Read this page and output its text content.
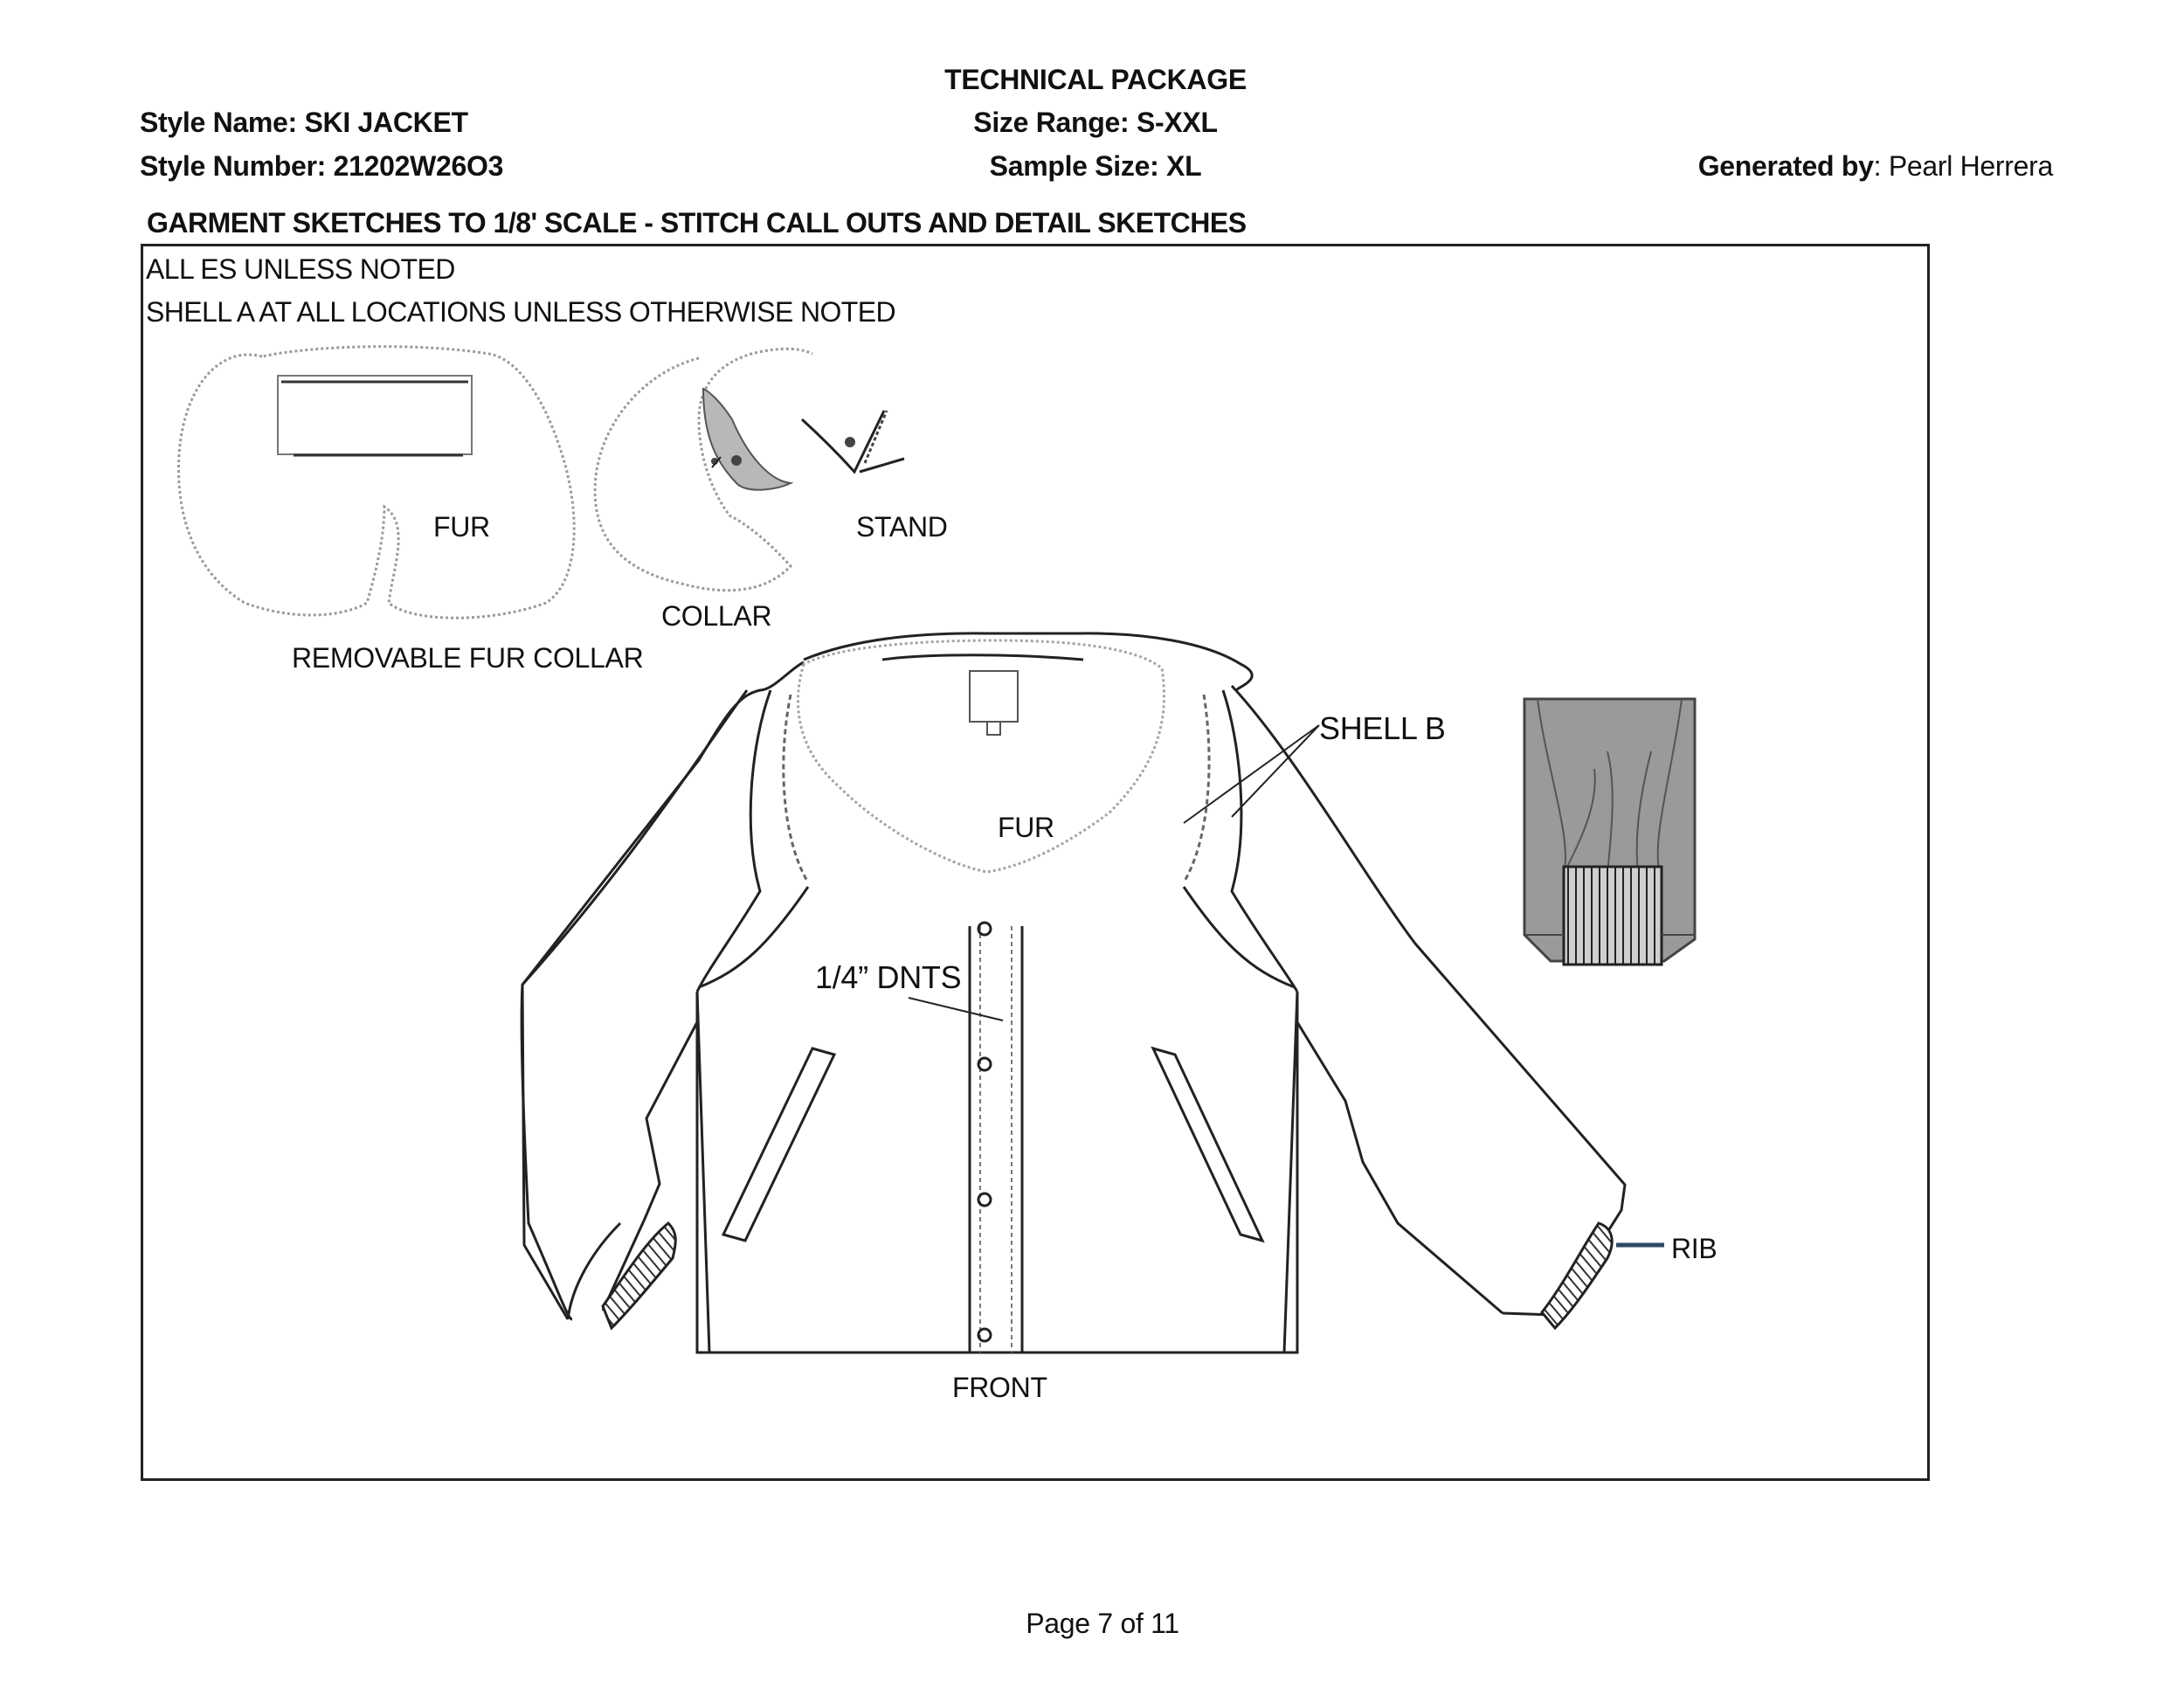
TECHNICAL PACKAGE
Style Name: SKI JACKET
Style Number: 21202W26O3
Size Range: S-XXL
Sample Size: XL	Generated by: Pearl Herrera
GARMENT SKETCHES TO 1/8' SCALE - STITCH CALL OUTS AND DETAIL SKETCHES
ALL ES UNLESS NOTED
SHELL A AT ALL LOCATIONS UNLESS OTHERWISE NOTED
FUR	STAND
COLLAR
REMOVABLE FUR COLLAR
SHELL B
FUR
1/4” DNTS
RIB
FRONT
Page 7 of 11
